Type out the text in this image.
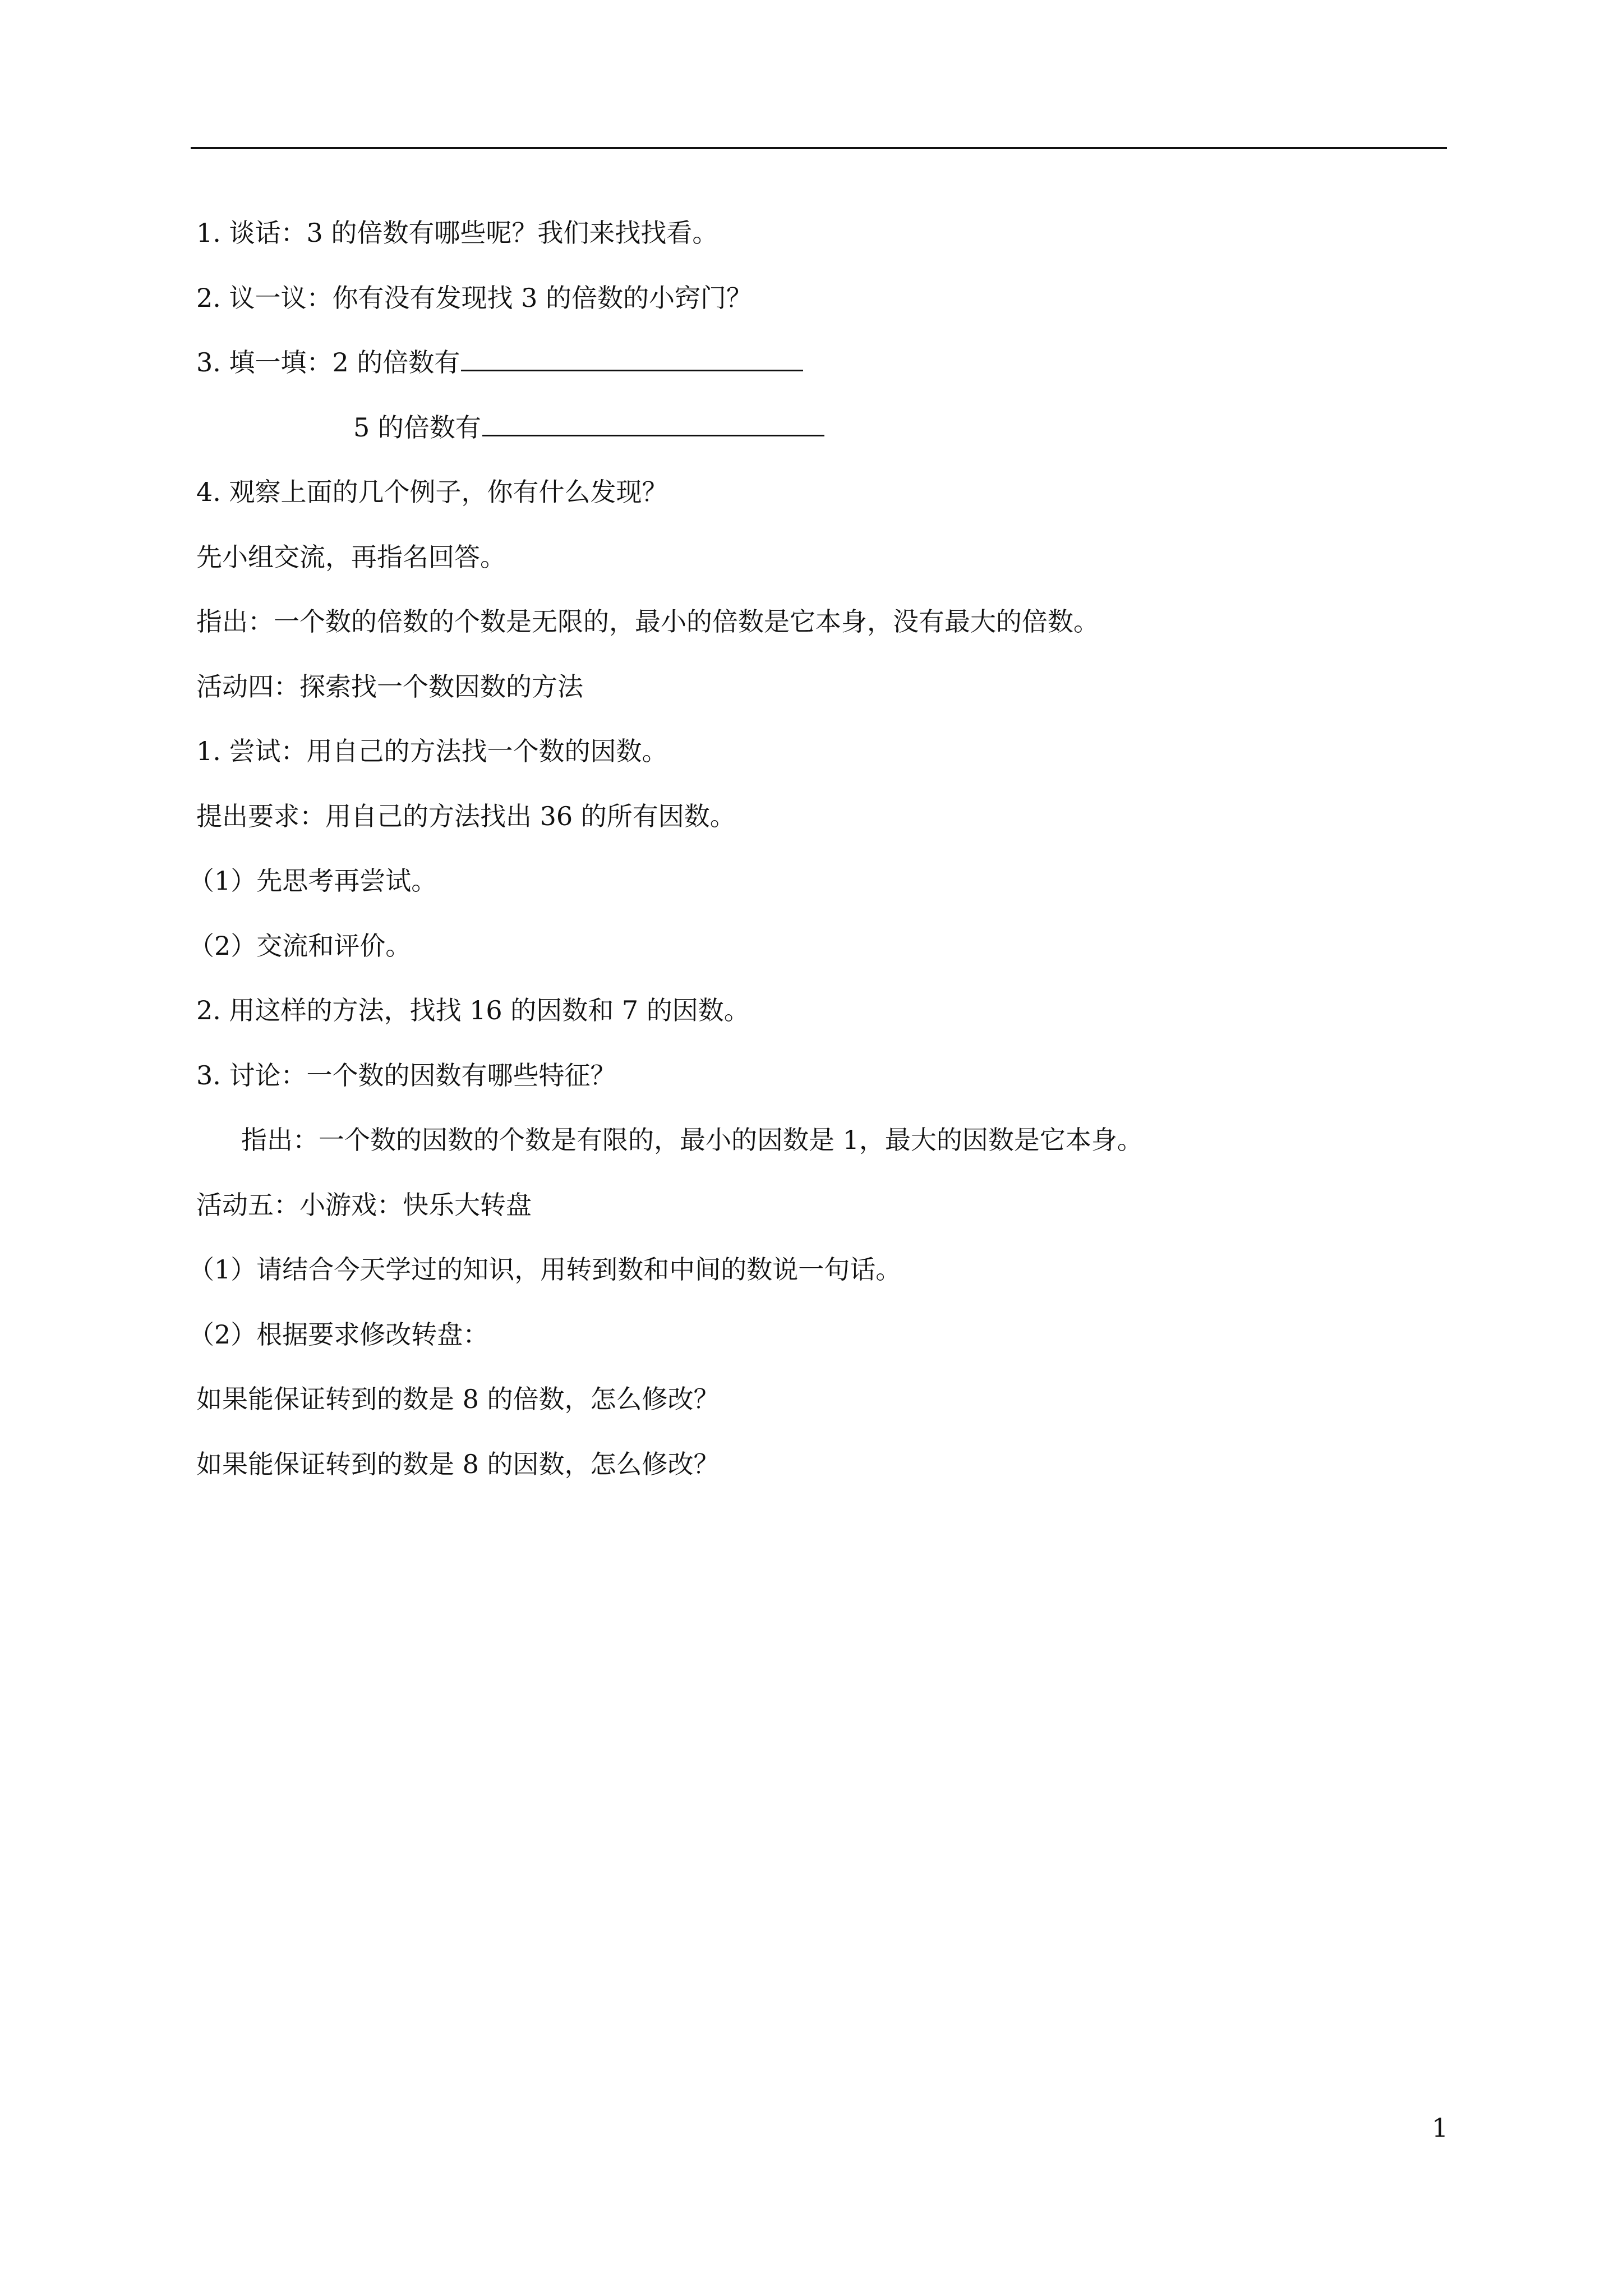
1. 谈话：3 的倍数有哪些呢？我们来找找看。
2. 议一议：你有没有发现找 3 的倍数的小窍门？
3. 填一填：2 的倍数有
5 的倍数有
4. 观察上面的几个例子，你有什么发现？
先小组交流，再指名回答。
指出：一个数的倍数的个数是无限的，最小的倍数是它本身，没有最大的倍数。
活动四：探索找一个数因数的方法
1. 尝试：用自己的方法找一个数的因数。
提出要求：用自己的方法找出 36 的所有因数。
（1）先思考再尝试。
（2）交流和评价。
2. 用这样的方法，找找 16 的因数和 7 的因数。
3. 讨论：一个数的因数有哪些特征？
指出：一个数的因数的个数是有限的，最小的因数是 1，最大的因数是它本身。
活动五：小游戏：快乐大转盘
（1）请结合今天学过的知识，用转到数和中间的数说一句话。
（2）根据要求修改转盘：
如果能保证转到的数是 8 的倍数，怎么修改？
如果能保证转到的数是 8 的因数，怎么修改？
1
